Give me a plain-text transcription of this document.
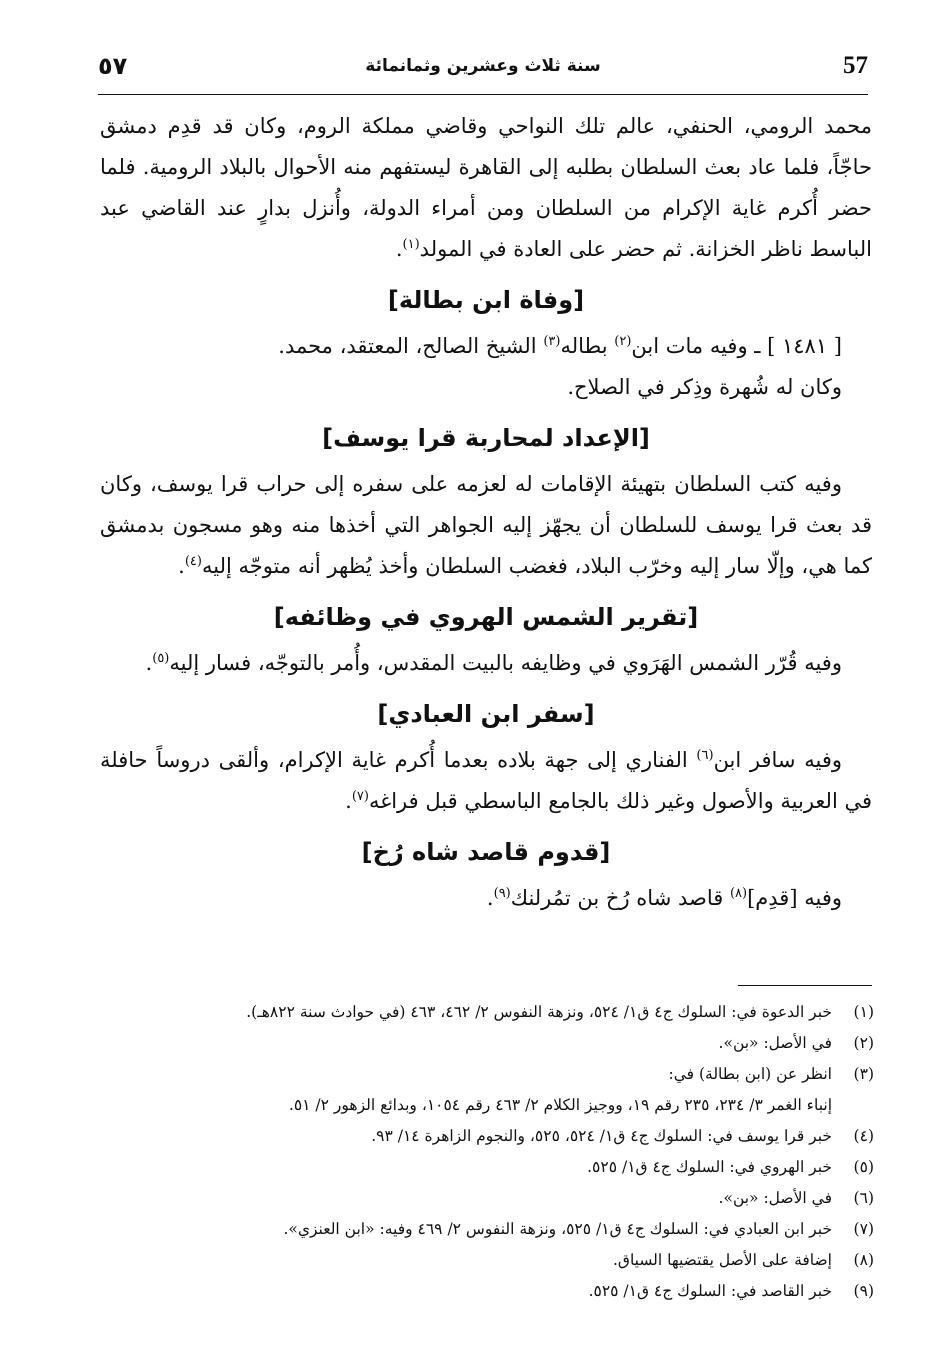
57
سنة ثلاث وعشرين وثمانمائة
٥٧

محمد الرومي، الحنفي، عالم تلك النواحي وقاضي مملكة الروم، وكان قد قدِم دمشق حاجّاً، فلما عاد بعث السلطان بطلبه إلى القاهرة ليستفهم منه الأحوال بالبلاد الرومية. فلما حضر أُكرم غاية الإكرام من السلطان ومن أمراء الدولة، وأُنزل بدارٍ عند القاضي عبد الباسط ناظر الخزانة. ثم حضر على العادة في المولد$^{(١)}$.

[وفاة ابن بطالة]

[ ١٤٨١ ] ـ وفيه مات ابن$^{(٢)}$ بطاله$^{(٣)}$ الشيخ الصالح، المعتقد، محمد.

وكان له شُهرة وذِكر في الصلاح.

[الإعداد لمحاربة قرا يوسف]

وفيه كتب السلطان بتهيئة الإقامات له لعزمه على سفره إلى حراب قرا يوسف، وكان قد بعث قرا يوسف للسلطان أن يجهّز إليه الجواهر التي أخذها منه وهو مسجون بدمشق كما هي، وإلّا سار إليه وخرّب البلاد، فغضب السلطان وأخذ يُظهر أنه متوجّه إليه$^{(٤)}$.

[تقرير الشمس الهروي في وظائفه]

وفيه قُرّر الشمس الهَرَوي في وظايفه بالبيت المقدس، وأُمر بالتوجّه، فسار إليه$^{(٥)}$.

[سفر ابن العبادي]

وفيه سافر ابن$^{(٦)}$ الفناري إلى جهة بلاده بعدما أُكرم غاية الإكرام، وألقى دروساً حافلة في العربية والأصول وغير ذلك بالجامع الباسطي قبل فراغه$^{(٧)}$.

[قدوم قاصد شاه رُخ]

وفيه [قدِم]$^{(٨)}$ قاصد شاه رُخ بن تمُرلنك$^{(٩)}$.

(١)
خبر الدعوة في: السلوك ج٤ ق١/ ٥٢٤، ونزهة النفوس ٢/ ٤٦٢، ٤٦٣ (في حوادث سنة ٨٢٢هـ).
(٢)
في الأصل: «بن».
(٣)
انظر عن (ابن بطالة) في:
إنباء الغمر ٣/ ٢٣٤، ٢٣٥ رقم ١٩، ووجيز الكلام ٢/ ٤٦٣ رقم ١٠٥٤، وبدائع الزهور ٢/ ٥١.
(٤)
خبر قرا يوسف في: السلوك ج٤ ق١/ ٥٢٤، ٥٢٥، والنجوم الزاهرة ١٤/ ٩٣.
(٥)
خبر الهروي في: السلوك ج٤ ق١/ ٥٢٥.
(٦)
في الأصل: «بن».
(٧)
خبر ابن العبادي في: السلوك ج٤ ق١/ ٥٢٥، ونزهة النفوس ٢/ ٤٦٩ وفيه: «ابن العنزي».
(٨)
إضافة على الأصل يقتضيها السياق.
(٩)
خبر القاصد في: السلوك ج٤ ق١/ ٥٢٥.
